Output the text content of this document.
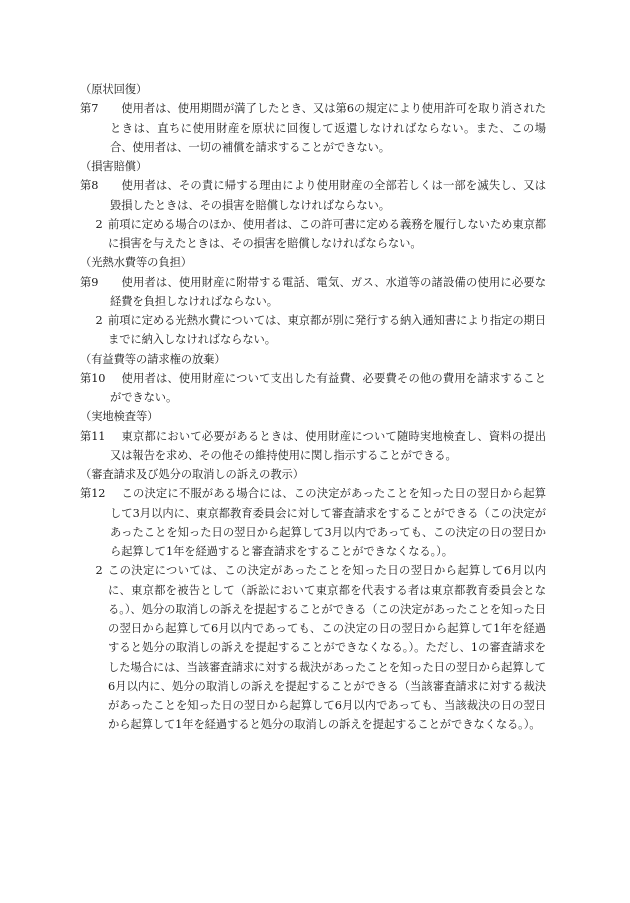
（原状回復）
第7	　使用者は、使用期間が満了したとき、又は第6の規定により使用許可を取り消されたときは、直ちに使用財産を原状に回復して返還しなければならない。また、この場合、使用者は、一切の補償を請求することができない。
（損害賠償）
第8	　使用者は、その責に帰する理由により使用財産の全部若しくは一部を滅失し、又は毀損したときは、その損害を賠償しなければならない。
2 前項に定める場合のほか、使用者は、この許可書に定める義務を履行しないため東京都に損害を与えたときは、その損害を賠償しなければならない。
（光熱水費等の負担）
第9	　使用者は、使用財産に附帯する電話、電気、ガス、水道等の諸設備の使用に必要な経費を負担しなければならない。
2 前項に定める光熱水費については、東京都が別に発行する納入通知書により指定の期日までに納入しなければならない。
（有益費等の請求権の放棄）
第10 　使用者は、使用財産について支出した有益費、必要費その他の費用を請求することができない。
（実地検査等）
第11 　東京都において必要があるときは、使用財産について随時実地検査し、資料の提出又は報告を求め、その他その維持使用に関し指示することができる。
（審査請求及び処分の取消しの訴えの教示）
第12 　この決定に不服がある場合には、この決定があったことを知った日の翌日から起算して3月以内に、東京都教育委員会に対して審査請求をすることができる（この決定があったことを知った日の翌日から起算して3月以内であっても、この決定の日の翌日から起算して1年を経過すると審査請求をすることができなくなる。）。
2 この決定については、この決定があったことを知った日の翌日から起算して6月以内に、東京都を被告として（訴訟において東京都を代表する者は東京都教育委員会となる。）、処分の取消しの訴えを提起することができる（この決定があったことを知った日の翌日から起算して6月以内であっても、この決定の日の翌日から起算して1年を経過すると処分の取消しの訴えを提起することができなくなる。）。ただし、1の審査請求をした場合には、当該審査請求に対する裁決があったことを知った日の翌日から起算して6月以内に、処分の取消しの訴えを提起することができる（当該審査請求に対する裁決があったことを知った日の翌日から起算して6月以内であっても、当該裁決の日の翌日から起算して1年を経過すると処分の取消しの訴えを提起することができなくなる。）。
